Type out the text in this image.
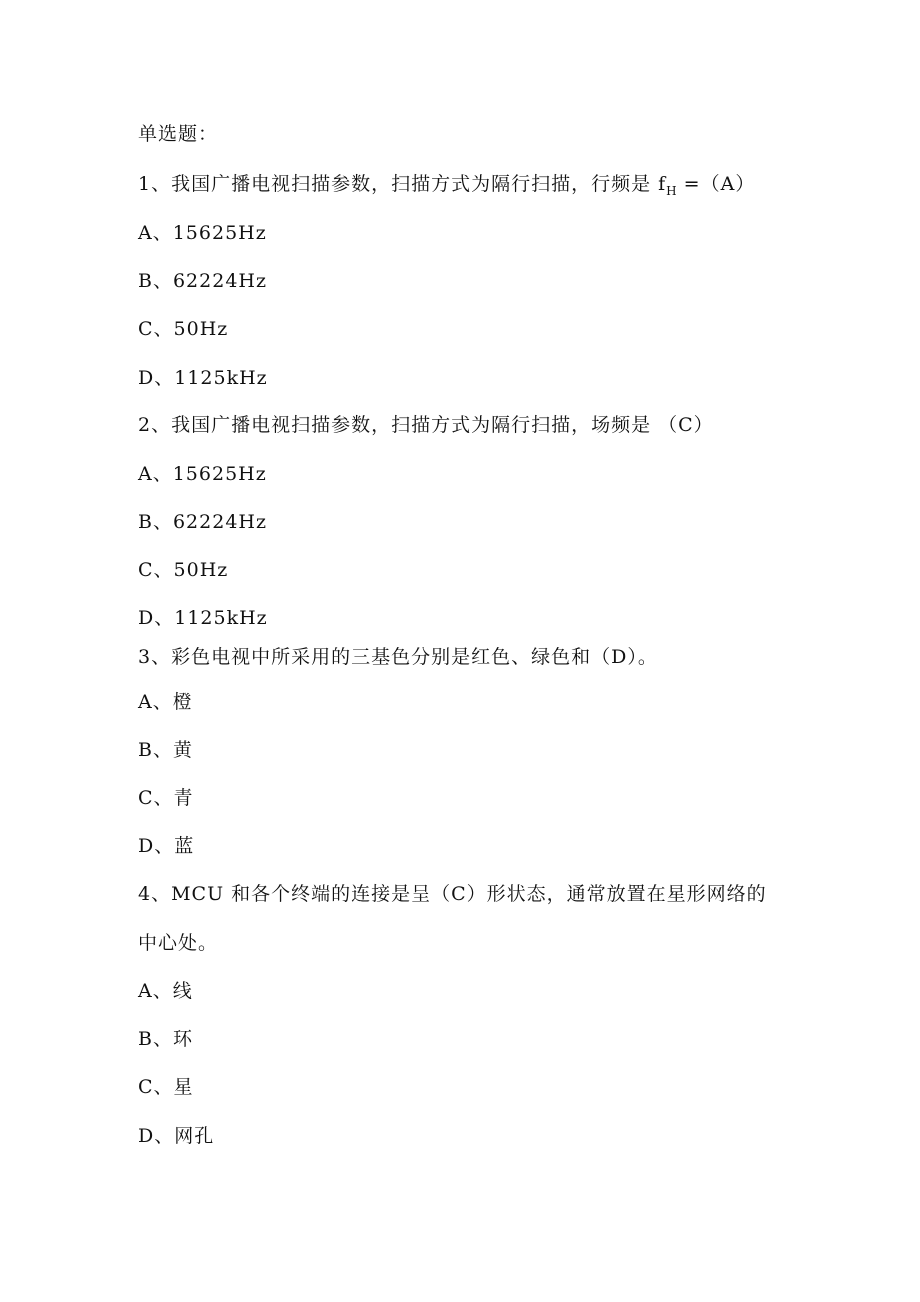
单选题：
1、我国广播电视扫描参数，扫描方式为隔行扫描，行频是 $f_H =(A)$
A、15625Hz
B、62224Hz
C、50Hz
D、1125kHz
2、我国广播电视扫描参数，扫描方式为隔行扫描，场频是 （C）
A、15625Hz
B、62224Hz
C、50Hz
D、1125kHz
3、彩色电视中所采用的三基色分别是红色、绿色和（D）。
A、橙
B、黄
C、青
D、蓝
4、MCU 和各个终端的连接是呈（C）形状态，通常放置在星形网络的
中心处。
A、线
B、环
C、星
D、网孔
